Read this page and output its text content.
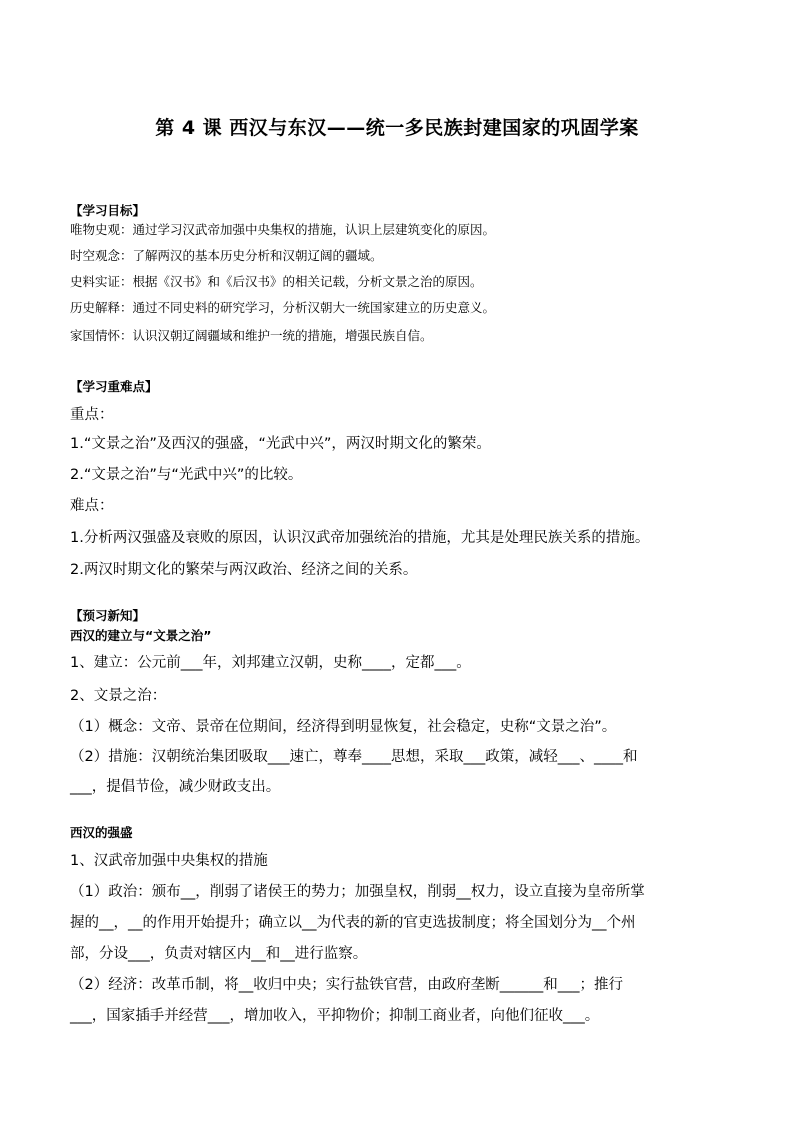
第 4 课 西汉与东汉——统一多民族封建国家的巩固学案
【学习目标】
唯物史观：通过学习汉武帝加强中央集权的措施，认识上层建筑变化的原因。
时空观念：了解两汉的基本历史分析和汉朝辽阔的疆域。
史料实证：根据《汉书》和《后汉书》的相关记载，分析文景之治的原因。
历史解释：通过不同史料的研究学习，分析汉朝大一统国家建立的历史意义。
家国情怀：认识汉朝辽阔疆域和维护一统的措施，增强民族自信。
【学习重难点】
重点：
1.“文景之治”及西汉的强盛，“光武中兴”，两汉时期文化的繁荣。
2.“文景之治”与“光武中兴”的比较。
难点：
1.分析两汉强盛及衰败的原因，认识汉武帝加强统治的措施，尤其是处理民族关系的措施。
2.两汉时期文化的繁荣与两汉政治、经济之间的关系。
【预习新知】
西汉的建立与“文景之治”
1、建立：公元前___年，刘邦建立汉朝，史称____，定都___。
2、文景之治：
（1）概念：文帝、景帝在位期间，经济得到明显恢复，社会稳定，史称“文景之治”。
（2）措施：汉朝统治集团吸取___速亡，尊奉____思想，采取___政策，减轻___、____和
___，提倡节俭，减少财政支出。
西汉的强盛
1、汉武帝加强中央集权的措施
（1）政治：颁布__，削弱了诸侯王的势力；加强皇权，削弱__权力，设立直接为皇帝所掌
握的__，__的作用开始提升；确立以__为代表的新的官吏选拔制度；将全国划分为__个州
部，分设___，负责对辖区内__和__进行监察。
（2）经济：改革币制，将__收归中央；实行盐铁官营，由政府垄断______和___；推行
___，国家插手并经营___，增加收入，平抑物价；抑制工商业者，向他们征收___。
